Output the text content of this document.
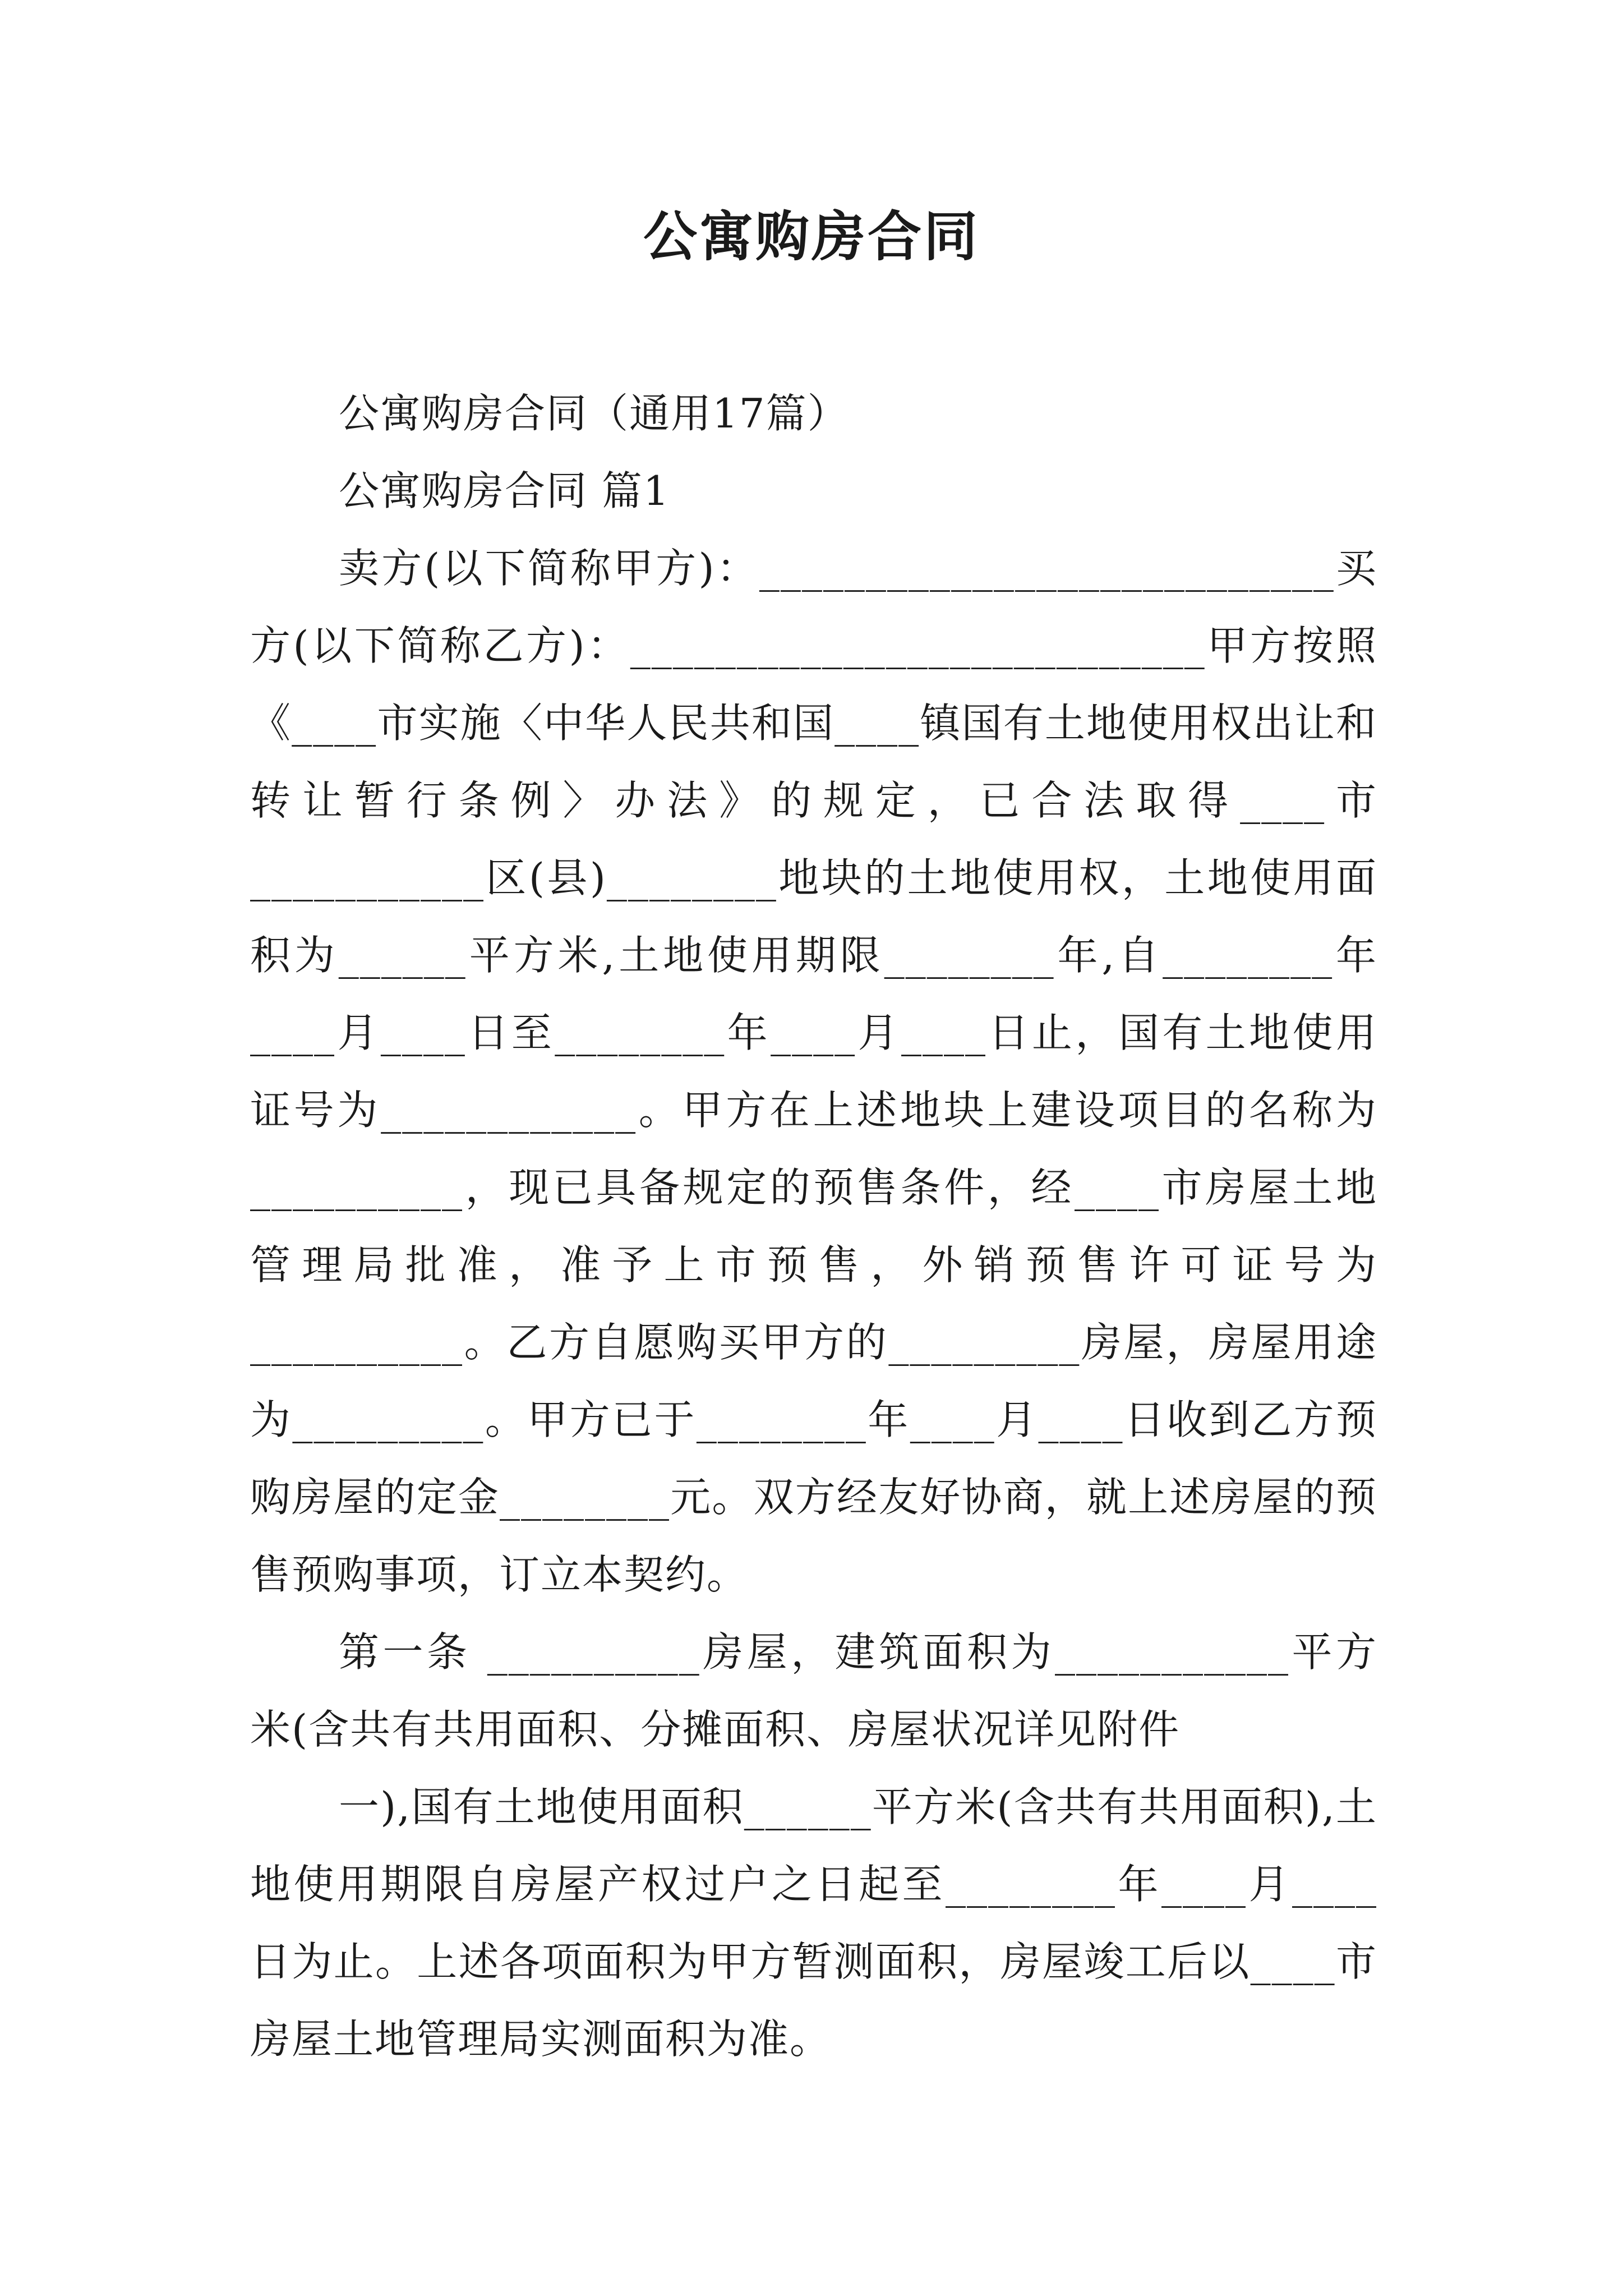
公寓购房合同

公寓购房合同（通用17篇）

公寓购房合同 篇1

卖方(以下简称甲方)：___________________________买方(以下简称乙方)：___________________________甲方按照《____市实施〈中华人民共和国____镇国有土地使用权出让和转让暂行条例〉办法》的规定，已合法取得____市___________区(县)________地块的土地使用权，土地使用面积为______平方米,土地使用期限________年,自________年____月____日至________年____月____日止，国有土地使用证号为____________。甲方在上述地块上建设项目的名称为__________，现已具备规定的预售条件，经____市房屋土地管理局批准，准予上市预售，外销预售许可证号为__________。乙方自愿购买甲方的_________房屋，房屋用途为_________。甲方已于________年____月____日收到乙方预购房屋的定金________元。双方经友好协商，就上述房屋的预售预购事项，订立本契约。

第一条 __________房屋，建筑面积为___________平方米(含共有共用面积、分摊面积、房屋状况详见附件

一),国有土地使用面积______平方米(含共有共用面积),土地使用期限自房屋产权过户之日起至________年____月____日为止。上述各项面积为甲方暂测面积，房屋竣工后以____市房屋土地管理局实测面积为准。
